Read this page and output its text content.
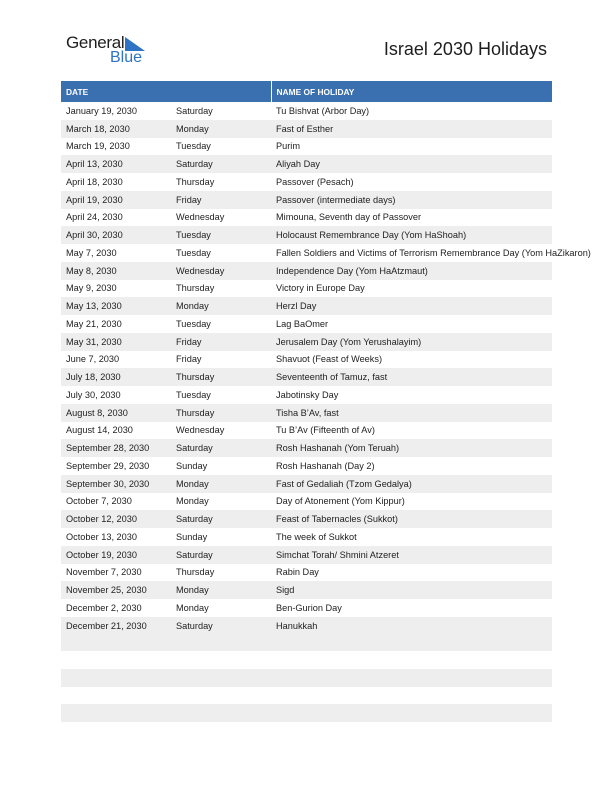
General
Blue	Israel 2030 Holidays
DATE		NAME OF HOLIDAY
January 19, 2030	Saturday	Tu Bishvat (Arbor Day)
March 18, 2030	Monday	Fast of Esther
March 19, 2030	Tuesday	Purim
April 13, 2030	Saturday	Aliyah Day
April 18, 2030	Thursday	Passover (Pesach)
April 19, 2030	Friday	Passover (intermediate days)
April 24, 2030	Wednesday	Mimouna, Seventh day of Passover
April 30, 2030	Tuesday	Holocaust Remembrance Day (Yom HaShoah)
May 7, 2030	Tuesday	Fallen Soldiers and Victims of Terrorism Remembrance Day (Yom HaZikaron)
May 8, 2030	Wednesday	Independence Day (Yom HaAtzmaut)
May 9, 2030	Thursday	Victory in Europe Day
May 13, 2030	Monday	Herzl Day
May 21, 2030	Tuesday	Lag BaOmer
May 31, 2030	Friday	Jerusalem Day (Yom Yerushalayim)
June 7, 2030	Friday	Shavuot (Feast of Weeks)
July 18, 2030	Thursday	Seventeenth of Tamuz, fast
July 30, 2030	Tuesday	Jabotinsky Day
August 8, 2030	Thursday	Tisha B’Av, fast
August 14, 2030	Wednesday	Tu B’Av (Fifteenth of Av)
September 28, 2030	Saturday	Rosh Hashanah (Yom Teruah)
September 29, 2030	Sunday	Rosh Hashanah (Day 2)
September 30, 2030	Monday	Fast of Gedaliah (Tzom Gedalya)
October 7, 2030	Monday	Day of Atonement (Yom Kippur)
October 12, 2030	Saturday	Feast of Tabernacles (Sukkot)
October 13, 2030	Sunday	The week of Sukkot
October 19, 2030	Saturday	Simchat Torah/ Shmini Atzeret
November 7, 2030	Thursday	Rabin Day
November 25, 2030	Monday	Sigd
December 2, 2030	Monday	Ben-Gurion Day
December 21, 2030	Saturday	Hanukkah
